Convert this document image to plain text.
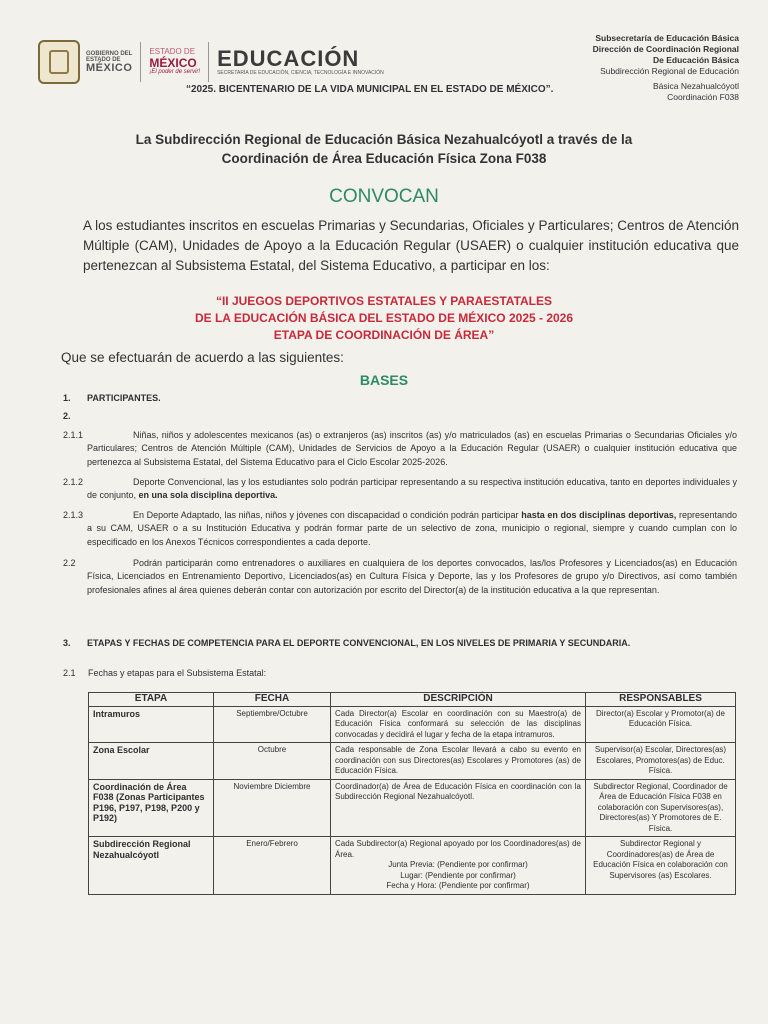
GOBIERNO DEL
ESTADO DE
MÉXICO
ESTADO DE
MÉXICO
¡El poder de servir!
EDUCACIÓN
SECRETARÍA DE EDUCACIÓN, CIENCIA, TECNOLOGÍA E INNOVACIÓN
“2025. BICENTENARIO DE LA VIDA MUNICIPAL EN EL ESTADO DE MÉXICO”.
Subsecretaría de Educación Básica
Dirección de Coordinación Regional
De Educación Básica
Subdirección Regional de Educación
Básica Nezahualcóyotl
Coordinación F038
La Subdirección Regional de Educación Básica Nezahualcóyotl a través de la
Coordinación de Área Educación Física Zona F038
CONVOCAN
A los estudiantes inscritos en escuelas Primarias y Secundarias, Oficiales y Particulares; Centros de Atención Múltiple (CAM), Unidades de Apoyo a la Educación Regular (USAER) o cualquier institución educativa que pertenezcan al Subsistema Estatal, del Sistema Educativo, a participar en los:
“II JUEGOS DEPORTIVOS ESTATALES Y PARAESTATALES
DE LA EDUCACIÓN BÁSICA DEL ESTADO DE MÉXICO 2025 - 2026
ETAPA DE COORDINACIÓN DE ÁREA”
Que se efectuarán de acuerdo a las siguientes:
BASES
1. PARTICIPANTES.
2.
2.1.1	Niñas, niños y adolescentes mexicanos (as) o extranjeros (as) inscritos (as) y/o matriculados (as) en escuelas Primarias o Secundarias Oficiales y/o Particulares; Centros de Atención Múltiple (CAM), Unidades de Servicios de Apoyo a la Educación Regular (USAER) o cualquier institución educativa que pertenezca al Subsistema Estatal, del Sistema Educativo para el Ciclo Escolar 2025-2026.
2.1.2	Deporte Convencional, las y los estudiantes solo podrán participar representando a su respectiva institución educativa, tanto en deportes individuales y de conjunto, en una sola disciplina deportiva.
2.1.3	En Deporte Adaptado, las niñas, niños y jóvenes con discapacidad o condición podrán participar hasta en dos disciplinas deportivas, representando a su CAM, USAER o a su Institución Educativa y podrán formar parte de un selectivo de zona, municipio o regional, siempre y cuando cumplan con lo especificado en los Anexos Técnicos correspondientes a cada deporte.
2.2	Podrán participarán como entrenadores o auxiliares en cualquiera de los deportes convocados, las/los Profesores y Licenciados(as) en Educación Física, Licenciados en Entrenamiento Deportivo, Licenciados(as) en Cultura Física y Deporte, las y los Profesores de grupo y/o Directivos, así como también profesionales afines al área quienes deberán contar con autorización por escrito del Director(a) de la institución educativa a la que representan.
3. ETAPAS Y FECHAS DE COMPETENCIA PARA EL DEPORTE CONVENCIONAL, EN LOS NIVELES DE PRIMARIA Y SECUNDARIA.
2.1 Fechas y etapas para el Subsistema Estatal:
ETAPA	FECHA	DESCRIPCIÓN	RESPONSABLES
Intramuros	Septiembre/Octubre	Cada Director(a) Escolar en coordinación con su Maestro(a) de Educación Física conformará su selección de las disciplinas convocadas y decidirá el lugar y fecha de la etapa intramuros.	Director(a) Escolar y Promotor(a) de Educación Física.
Zona Escolar	Octubre	Cada responsable de Zona Escolar llevará a cabo su evento en coordinación con sus Directores(as) Escolares y Promotores (as) de Educación Física.	Supervisor(a) Escolar, Directores(as) Escolares, Promotores(as) de Educ. Física.
Coordinación de Área F038 (Zonas Participantes P196, P197, P198, P200 y P192)	Noviembre Diciembre	Coordinador(a) de Área de Educación Física en coordinación con la Subdirección Regional Nezahualcóyotl.	Subdirector Regional, Coordinador de Área de Educación Física F038 en colaboración con Supervisores(as), Directores(as) Y Promotores de E. Física.
Subdirección Regional Nezahualcóyotl	Enero/Febrero	Cada Subdirector(a) Regional apoyado por los Coordinadores(as) de Área.
Junta Previa: (Pendiente por confirmar)
Lugar: (Pendiente por confirmar)
Fecha y Hora: (Pendiente por confirmar)	Subdirector Regional y Coordinadores(as) de Área de Educación Física en colaboración con Supervisores (as) Escolares.
